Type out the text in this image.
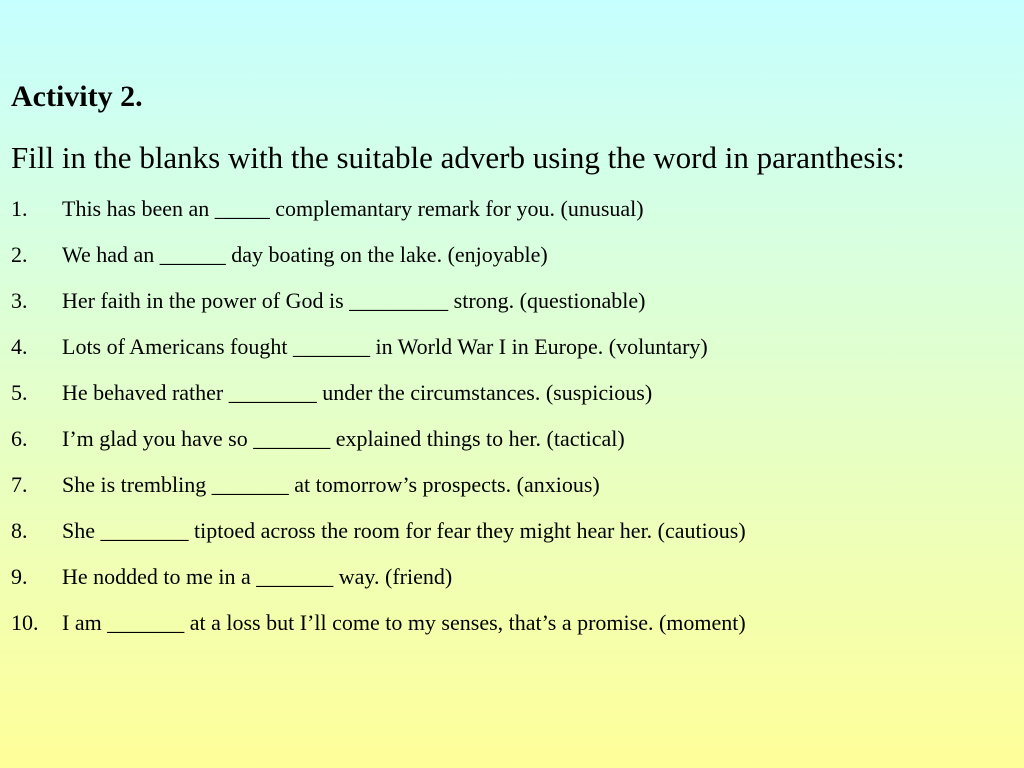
Activity 2.
Fill in the blanks with the suitable adverb using the word in paranthesis:
1. This has been an _____ complemantary remark for you. (unusual)
2. We had an ______ day boating on the lake. (enjoyable)
3. Her faith in the power of God is _________ strong. (questionable)
4. Lots of Americans fought _______ in World War I in Europe. (voluntary)
5. He behaved rather ________ under the circumstances. (suspicious)
6. I’m glad you have so _______ explained things to her. (tactical)
7. She is trembling _______ at tomorrow’s prospects. (anxious)
8. She ________ tiptoed across the room for fear they might hear her. (cautious)
9. He nodded to me in a _______ way. (friend)
10. I am _______ at a loss but I’ll come to my senses, that’s a promise. (moment)
